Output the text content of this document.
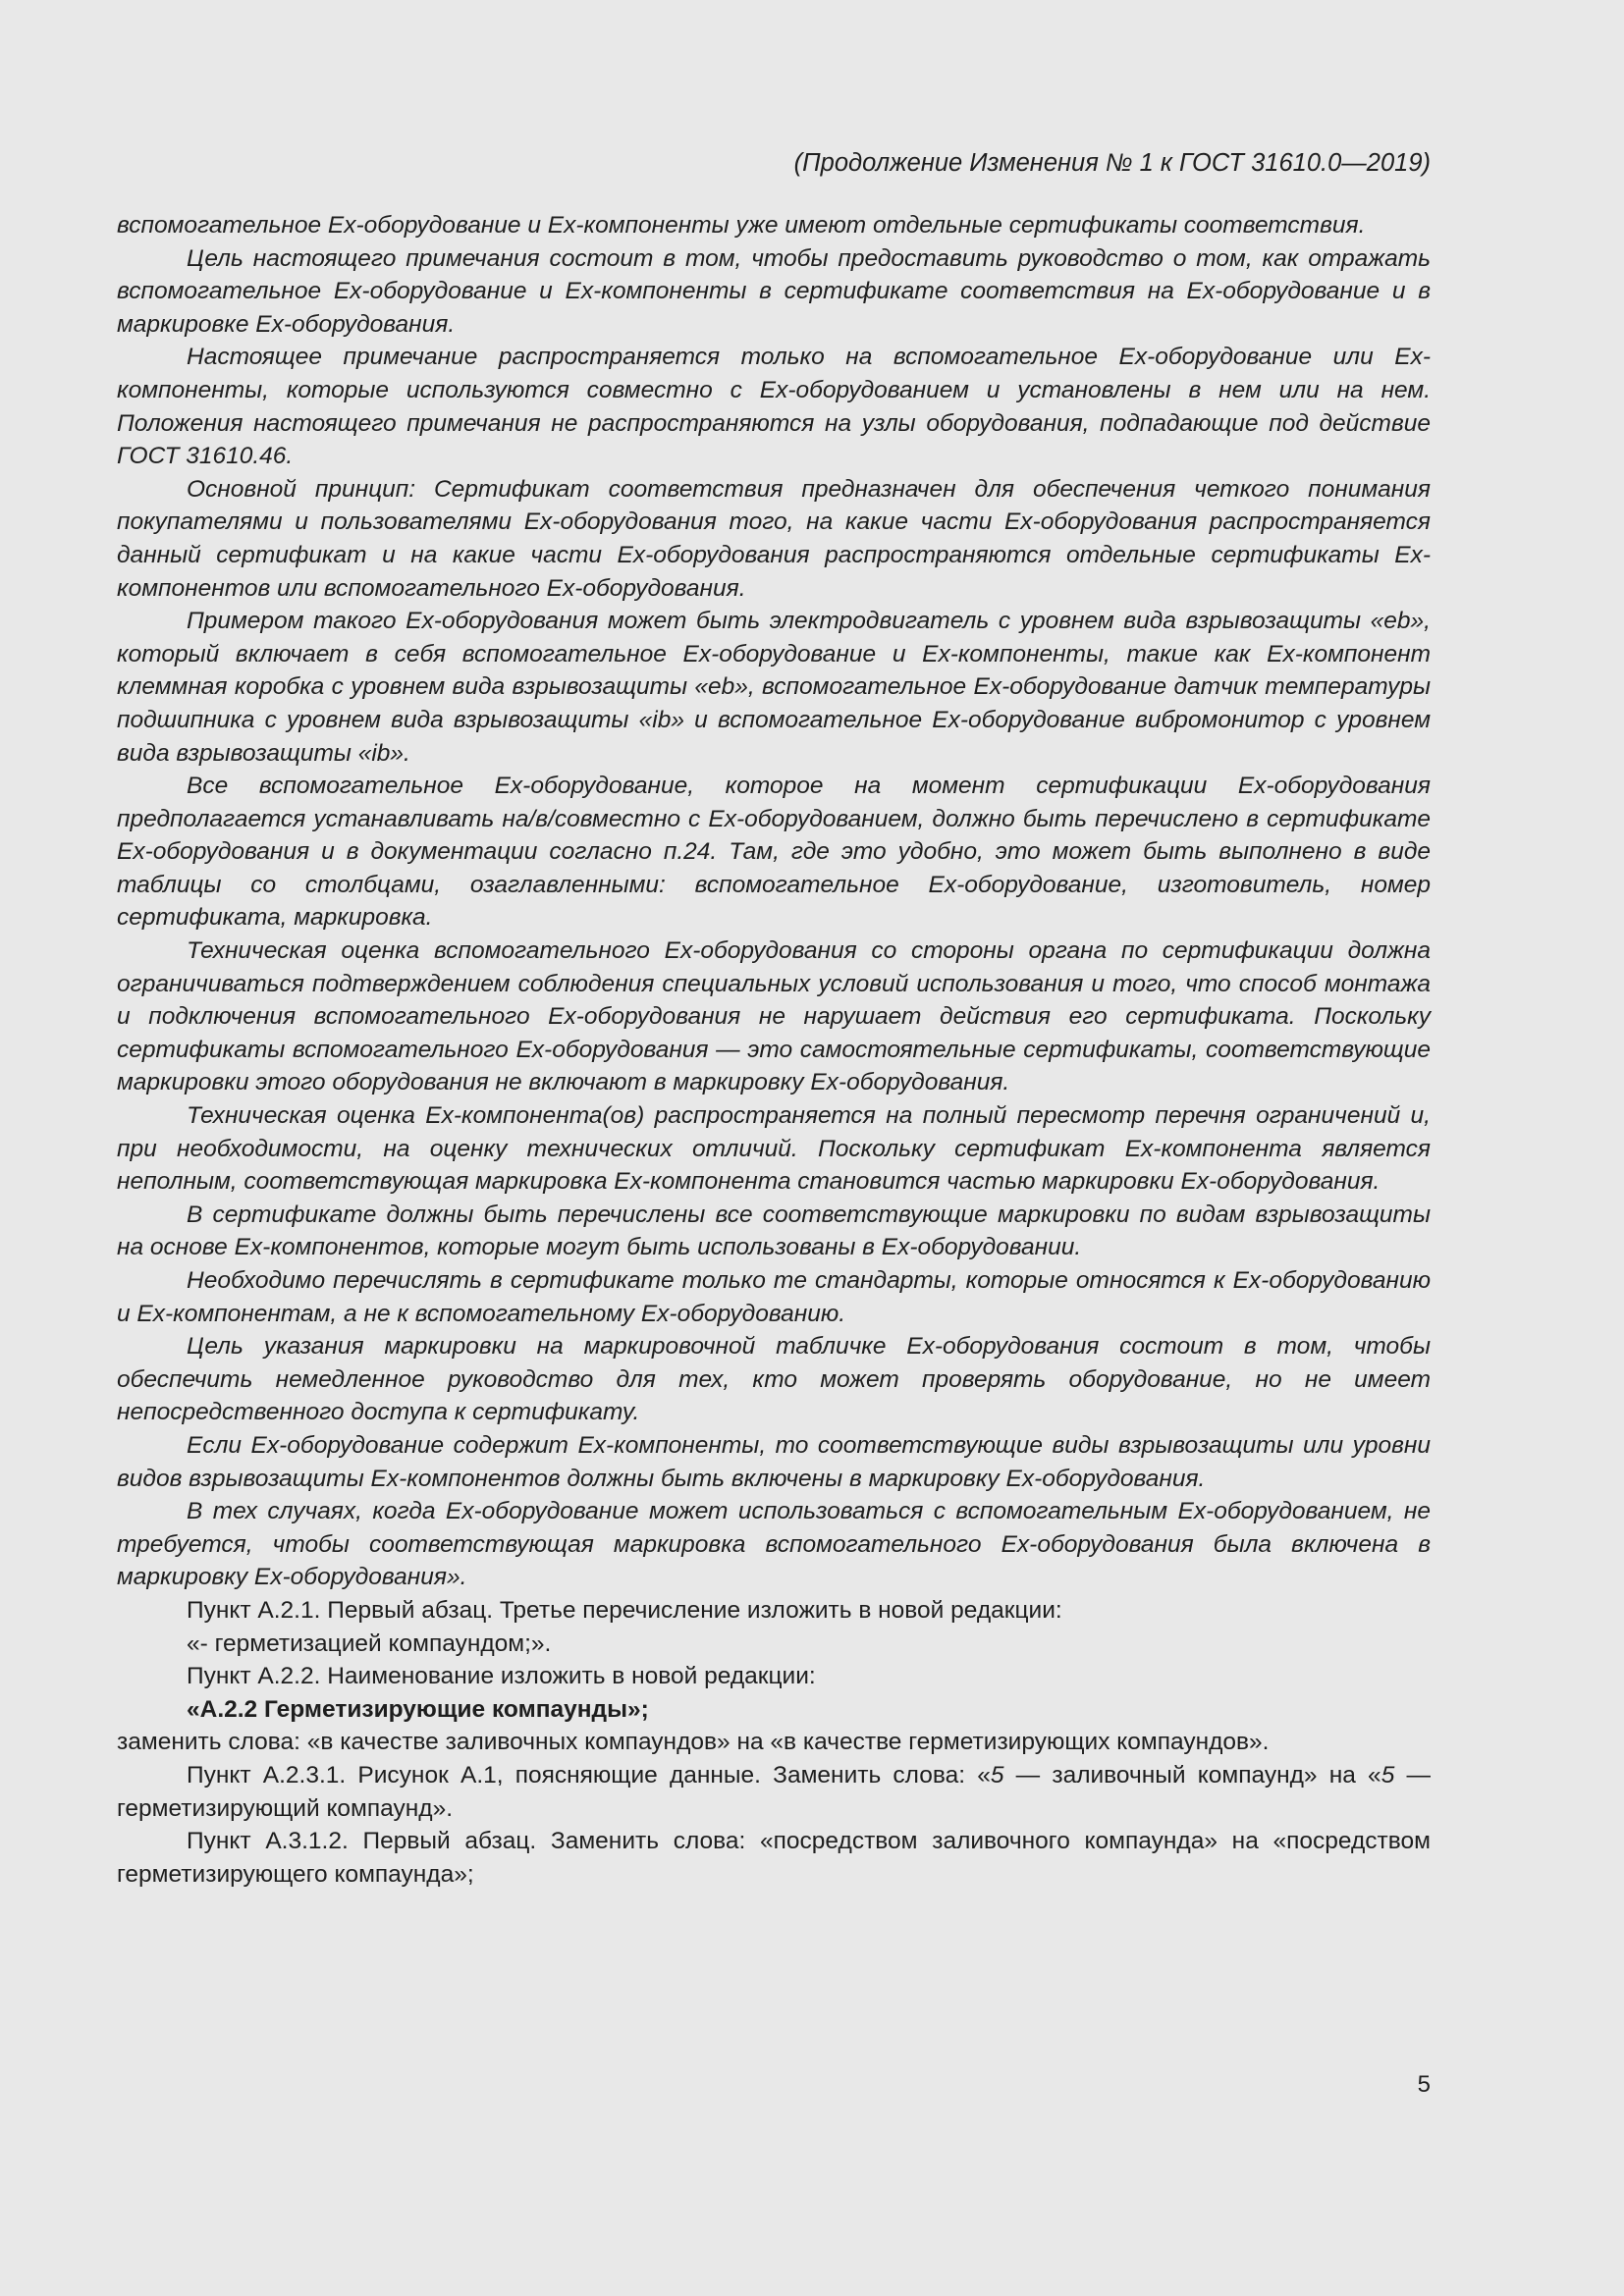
(Продолжение Изменения № 1 к ГОСТ 31610.0—2019)

вспомогательное Ex-оборудование и Ex-компоненты уже имеют отдельные сертификаты соответствия.

Цель настоящего примечания состоит в том, чтобы предоставить руководство о том, как отражать вспомогательное Ex-оборудование и Ex-компоненты в сертификате соответствия на Ex-оборудование и в маркировке Ex-оборудования.

Настоящее примечание распространяется только на вспомогательное Ex-оборудование или Ex-компоненты, которые используются совместно с Ex-оборудованием и установлены в нем или на нем. Положения настоящего примечания не распространяются на узлы оборудования, подпадающие под действие ГОСТ 31610.46.

Основной принцип: Сертификат соответствия предназначен для обеспечения четкого понимания покупателями и пользователями Ex-оборудования того, на какие части Ex-оборудования распространяется данный сертификат и на какие части Ex-оборудования распространяются отдельные сертификаты Ex-компонентов или вспомогательного Ex-оборудования.

Примером такого Ex-оборудования может быть электродвигатель с уровнем вида взрывозащиты «eb», который включает в себя вспомогательное Ex-оборудование и Ex-компоненты, такие как Ex-компонент клеммная коробка с уровнем вида взрывозащиты «eb», вспомогательное Ex-оборудование датчик температуры подшипника с уровнем вида взрывозащиты «ib» и вспомогательное Ex-оборудование вибромонитор с уровнем вида взрывозащиты «ib».

Все вспомогательное Ex-оборудование, которое на момент сертификации Ex-оборудования предполагается устанавливать на/в/совместно с Ex-оборудованием, должно быть перечислено в сертификате Ex-оборудования и в документации согласно п.24. Там, где это удобно, это может быть выполнено в виде таблицы со столбцами, озаглавленными: вспомогательное Ex-оборудование, изготовитель, номер сертификата, маркировка.

Техническая оценка вспомогательного Ex-оборудования со стороны органа по сертификации должна ограничиваться подтверждением соблюдения специальных условий использования и того, что способ монтажа и подключения вспомогательного Ex-оборудования не нарушает действия его сертификата. Поскольку сертификаты вспомогательного Ex-оборудования — это самостоятельные сертификаты, соответствующие маркировки этого оборудования не включают в маркировку Ex-оборудования.

Техническая оценка Ex-компонента(ов) распространяется на полный пересмотр перечня ограничений и, при необходимости, на оценку технических отличий. Поскольку сертификат Ex-компонента является неполным, соответствующая маркировка Ex-компонента становится частью маркировки Ex-оборудования.

В сертификате должны быть перечислены все соответствующие маркировки по видам взрывозащиты на основе Ex-компонентов, которые могут быть использованы в Ex-оборудовании.

Необходимо перечислять в сертификате только те стандарты, которые относятся к Ex-оборудованию и Ex-компонентам, а не к вспомогательному Ex-оборудованию.

Цель указания маркировки на маркировочной табличке Ex-оборудования состоит в том, чтобы обеспечить немедленное руководство для тех, кто может проверять оборудование, но не имеет непосредственного доступа к сертификату.

Если Ex-оборудование содержит Ex-компоненты, то соответствующие виды взрывозащиты или уровни видов взрывозащиты Ex-компонентов должны быть включены в маркировку Ex-оборудования.

В тех случаях, когда Ex-оборудование может использоваться с вспомогательным Ex-оборудованием, не требуется, чтобы соответствующая маркировка вспомогательного Ex-оборудования была включена в маркировку Ex-оборудования».

Пункт А.2.1. Первый абзац. Третье перечисление изложить в новой редакции:

«- герметизацией компаундом;».

Пункт А.2.2. Наименование изложить в новой редакции:

«А.2.2 Герметизирующие компаунды»;

заменить слова: «в качестве заливочных компаундов» на «в качестве герметизирующих компаундов».

Пункт А.2.3.1. Рисунок А.1, поясняющие данные. Заменить слова: «5 — заливочный компаунд» на «5 — герметизирующий компаунд».

Пункт А.3.1.2. Первый абзац. Заменить слова: «посредством заливочного компаунда» на «посредством герметизирующего компаунда»;

5
